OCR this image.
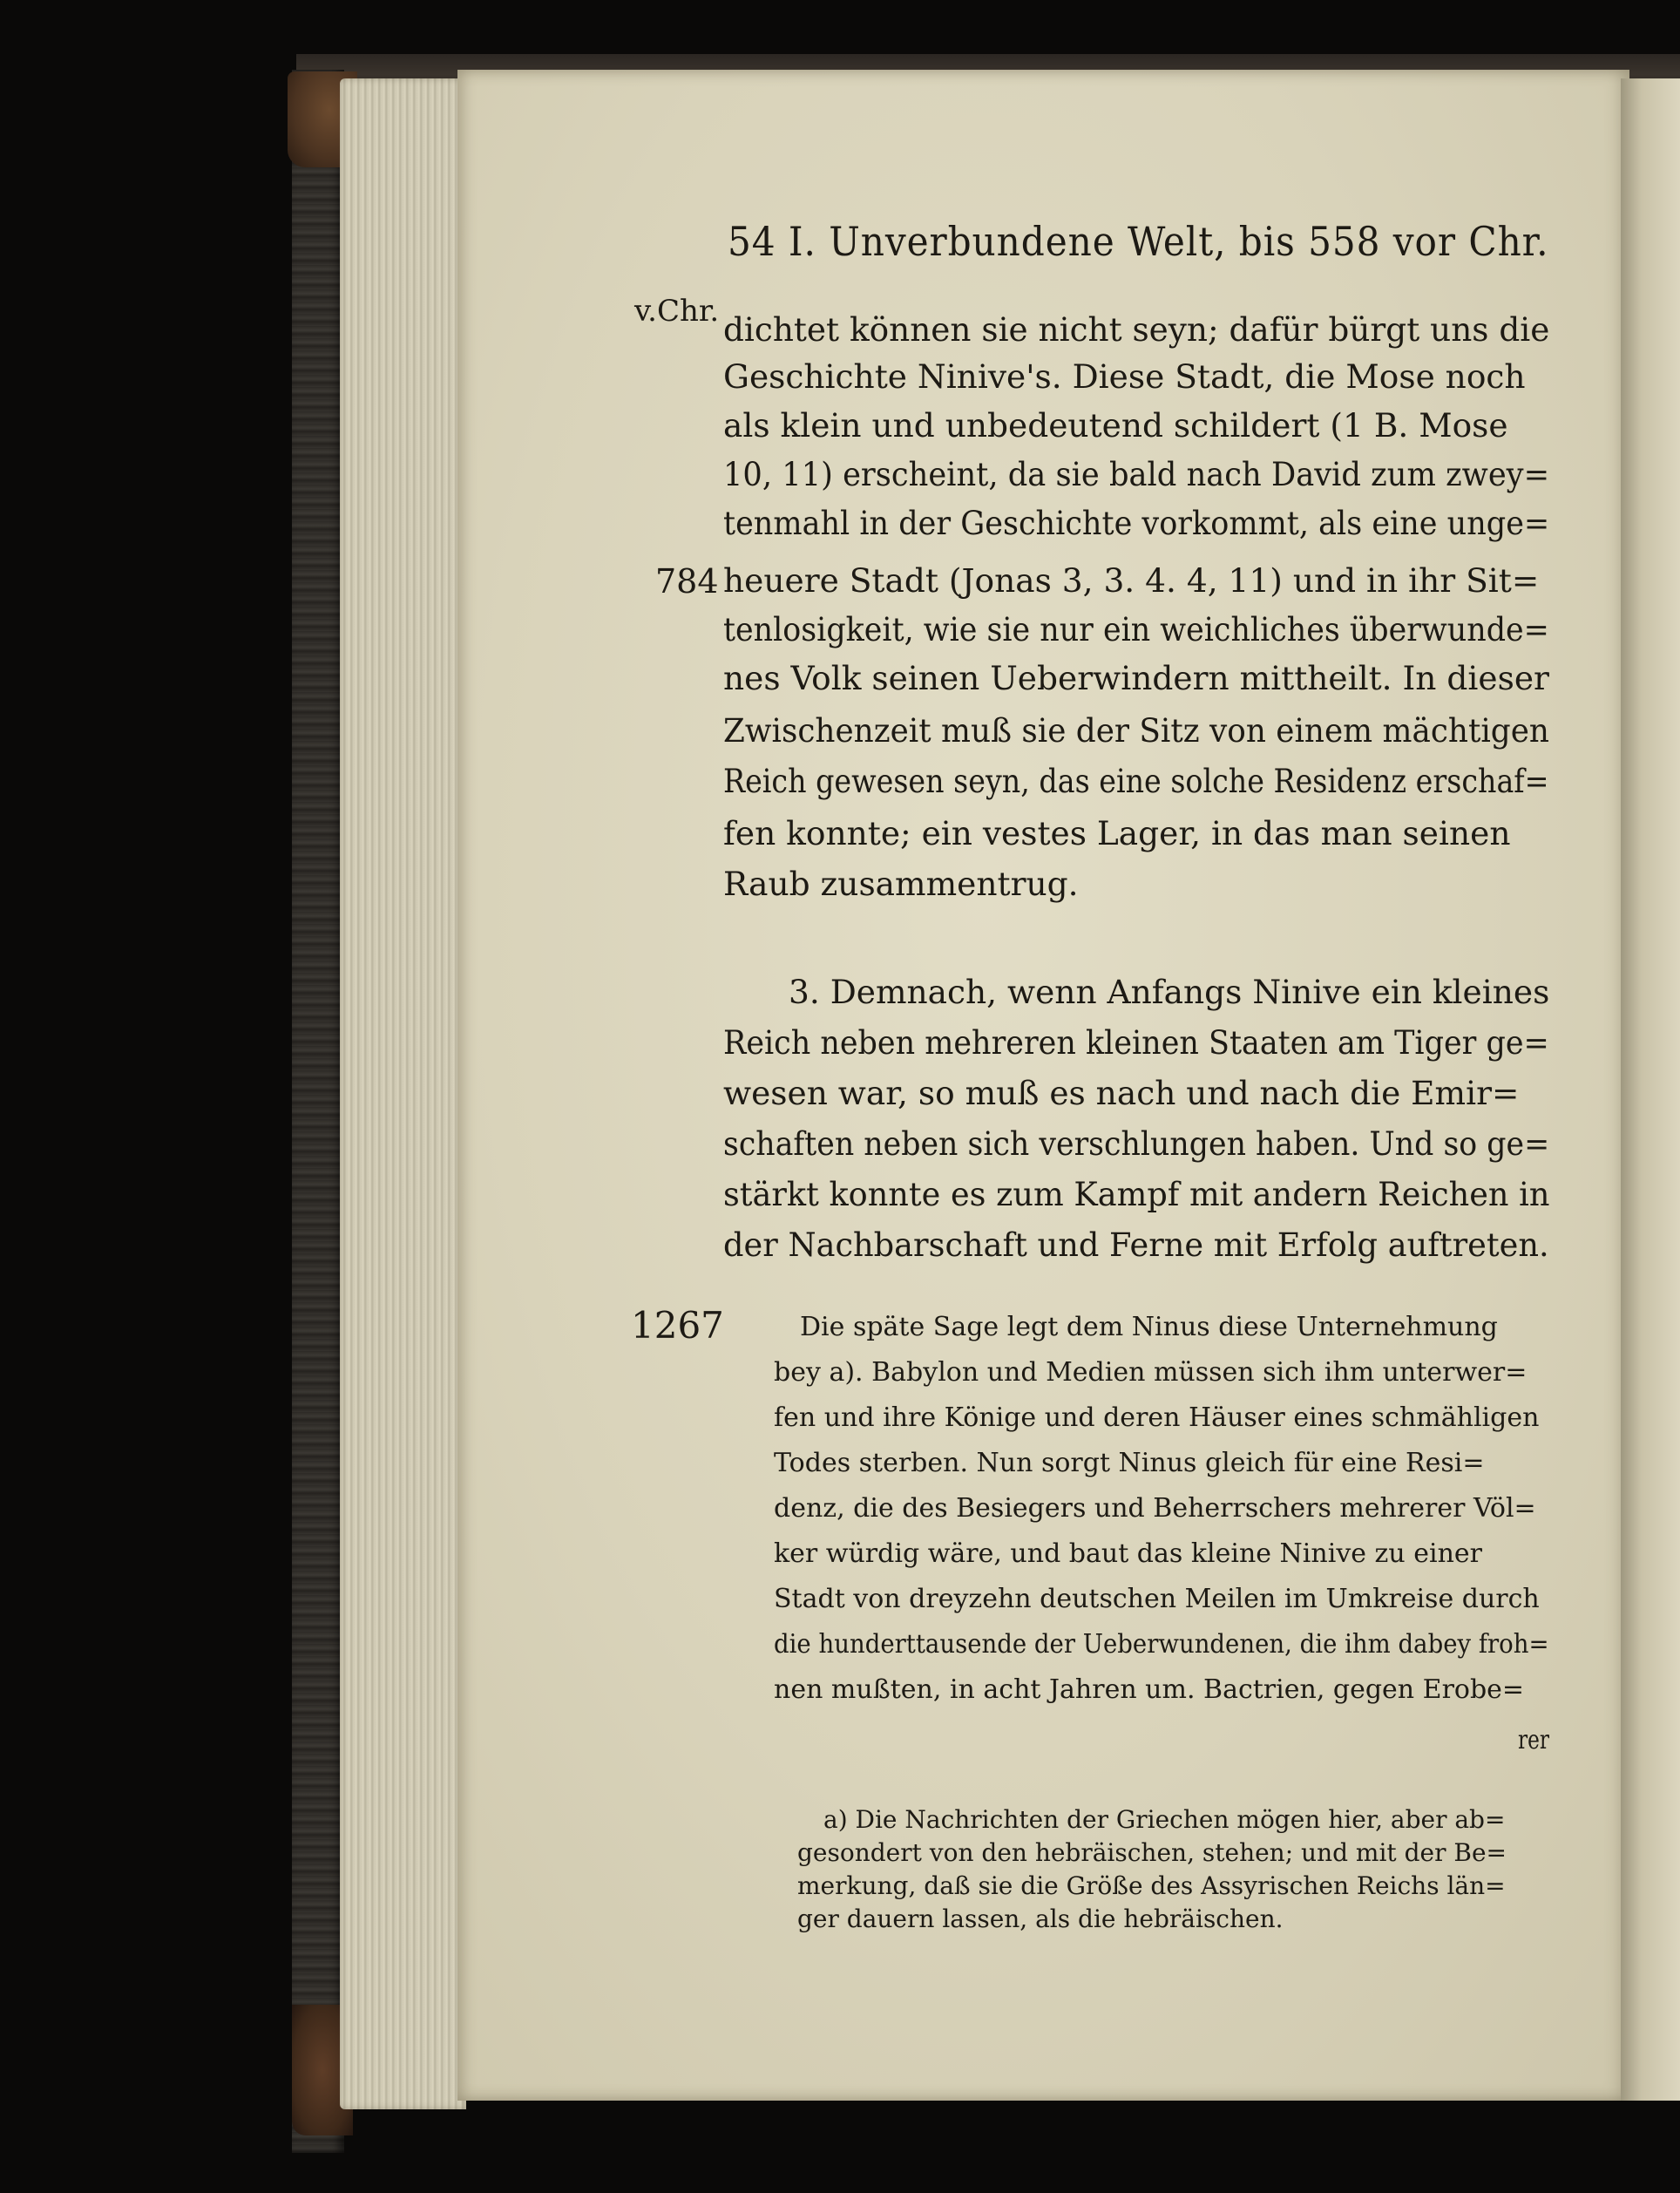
54 I. Unverbundene Welt, bis 558 vor Chr.
v.Chr.
784
1267
dichtet können sie nicht seyn; dafür bürgt uns die
Geschichte Ninive's. Diese Stadt, die Mose noch
als klein und unbedeutend schildert (1 B. Mose
10, 11) erscheint, da sie bald nach David zum zwey=
tenmahl in der Geschichte vorkommt, als eine unge=
heuere Stadt (Jonas 3, 3. 4. 4, 11) und in ihr Sit=
tenlosigkeit, wie sie nur ein weichliches überwunde=
nes Volk seinen Ueberwindern mittheilt. In dieser
Zwischenzeit muß sie der Sitz von einem mächtigen
Reich gewesen seyn, das eine solche Residenz erschaf=
fen konnte; ein vestes Lager, in das man seinen
Raub zusammentrug.
3. Demnach, wenn Anfangs Ninive ein kleines
Reich neben mehreren kleinen Staaten am Tiger ge=
wesen war, so muß es nach und nach die Emir=
schaften neben sich verschlungen haben. Und so ge=
stärkt konnte es zum Kampf mit andern Reichen in
der Nachbarschaft und Ferne mit Erfolg auftreten.
Die späte Sage legt dem Ninus diese Unternehmung
bey a). Babylon und Medien müssen sich ihm unterwer=
fen und ihre Könige und deren Häuser eines schmähligen
Todes sterben. Nun sorgt Ninus gleich für eine Resi=
denz, die des Besiegers und Beherrschers mehrerer Völ=
ker würdig wäre, und baut das kleine Ninive zu einer
Stadt von dreyzehn deutschen Meilen im Umkreise durch
die hunderttausende der Ueberwundenen, die ihm dabey froh=
nen mußten, in acht Jahren um. Bactrien, gegen Erobe=
rer
a) Die Nachrichten der Griechen mögen hier, aber ab=
gesondert von den hebräischen, stehen; und mit der Be=
merkung, daß sie die Größe des Assyrischen Reichs län=
ger dauern lassen, als die hebräischen.
